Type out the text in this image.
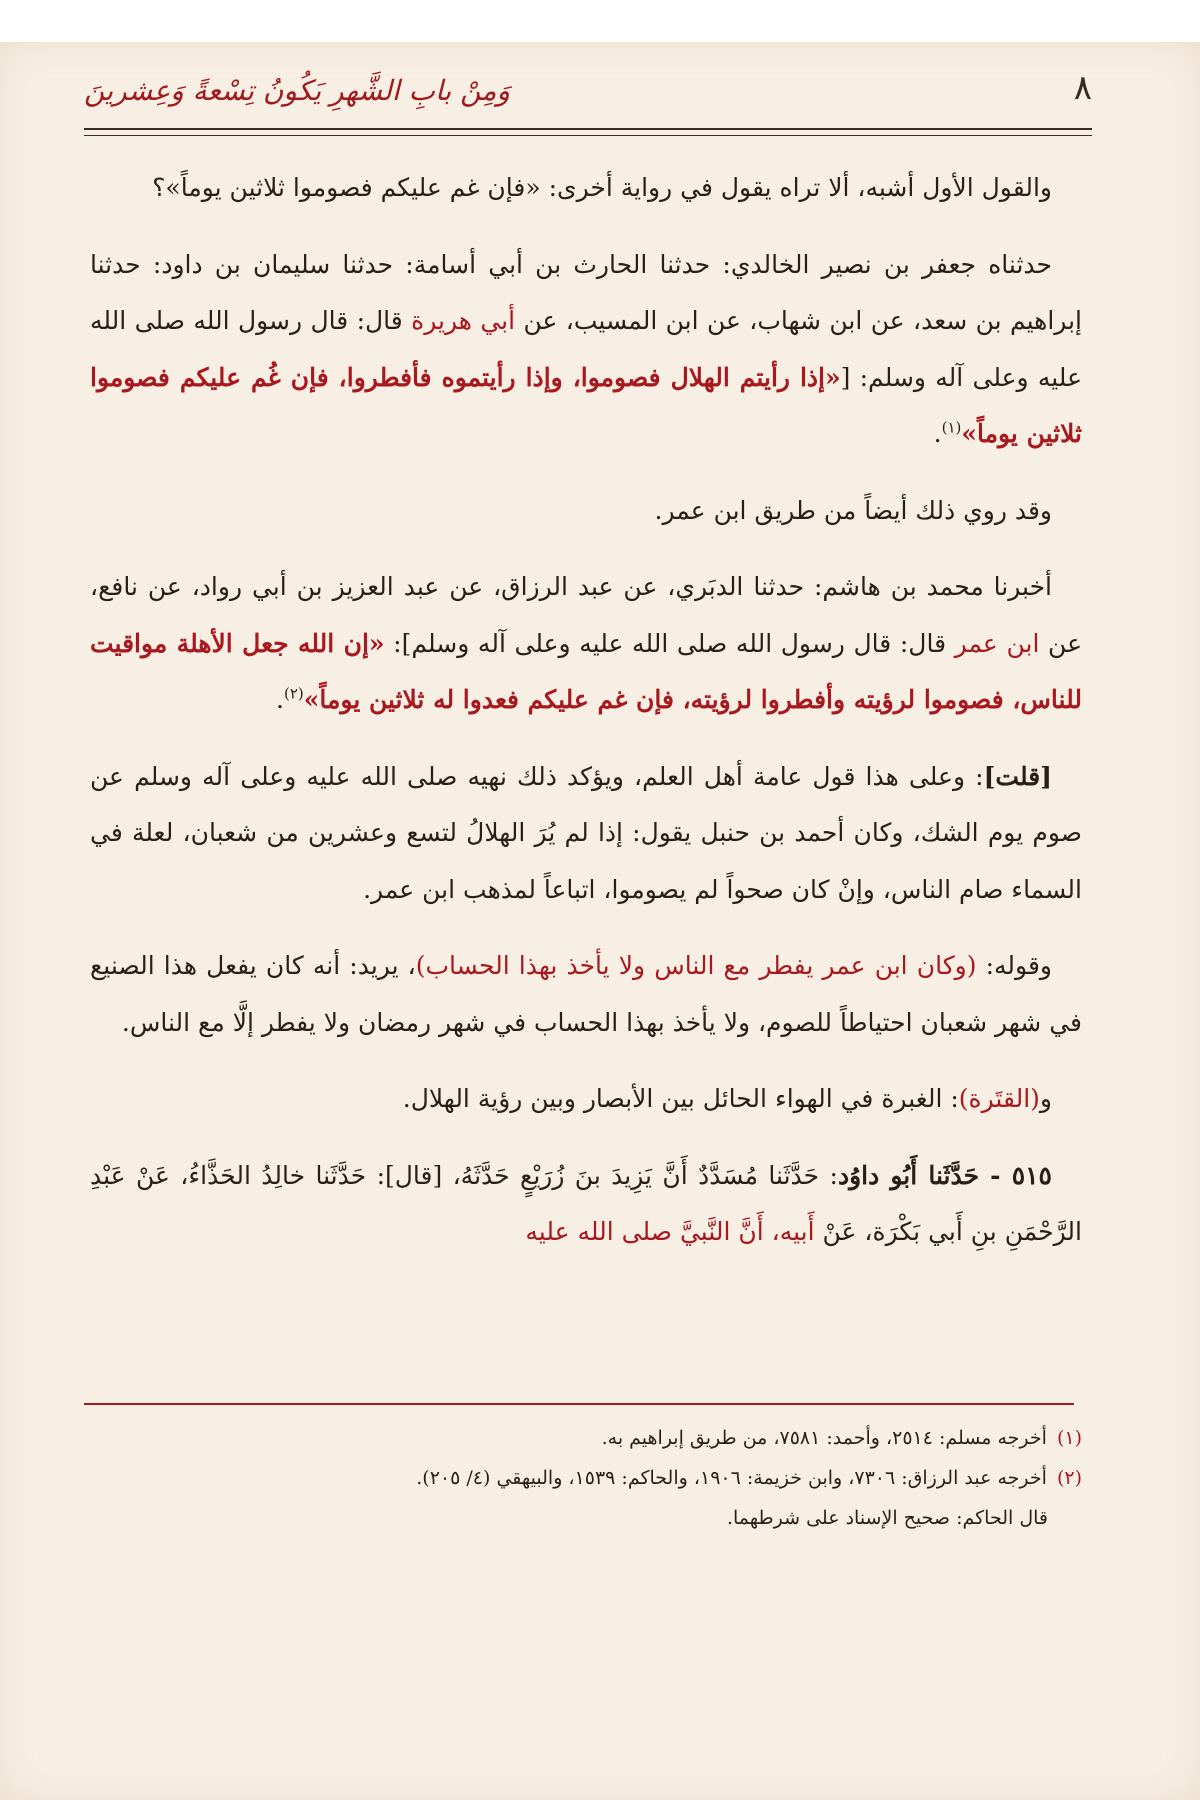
٨
وَمِنْ بابِ الشَّهرِ يَكُونُ تِسْعةً وَعِشرينَ

والقول الأول أشبه، ألا تراه يقول في رواية أخرى: «فإن غم عليكم فصوموا ثلاثين يوماً»؟

حدثناه جعفر بن نصير الخالدي: حدثنا الحارث بن أبي أسامة: حدثنا سليمان بن داود: حدثنا إبراهيم بن سعد، عن ابن شهاب، عن ابن المسيب، عن أبي هريرة قال: قال رسول الله صلى الله عليه وعلى آله وسلم: [«إذا رأيتم الهلال فصوموا، وإذا رأيتموه فأفطروا، فإن غُم عليكم فصوموا ثلاثين يوماً»$^{(١)}$.

وقد روي ذلك أيضاً من طريق ابن عمر.

أخبرنا محمد بن هاشم: حدثنا الدبَري، عن عبد الرزاق، عن عبد العزيز بن أبي رواد، عن نافع، عن ابن عمر قال: قال رسول الله صلى الله عليه وعلى آله وسلم]: «إن الله جعل الأهلة مواقيت للناس، فصوموا لرؤيته وأفطروا لرؤيته، فإن غم عليكم فعدوا له ثلاثين يوماً»$^{(٢)}$.

[قلت]: وعلى هذا قول عامة أهل العلم، ويؤكد ذلك نهيه صلى الله عليه وعلى آله وسلم عن صوم يوم الشك، وكان أحمد بن حنبل يقول: إذا لم يُرَ الهلالُ لتسع وعشرين من شعبان، لعلة في السماء صام الناس، وإنْ كان صحواً لم يصوموا، اتباعاً لمذهب ابن عمر.

وقوله: (وكان ابن عمر يفطر مع الناس ولا يأخذ بهذا الحساب)، يريد: أنه كان يفعل هذا الصنيع في شهر شعبان احتياطاً للصوم، ولا يأخذ بهذا الحساب في شهر رمضان ولا يفطر إلَّا مع الناس.

و(القتَرة): الغبرة في الهواء الحائل بين الأبصار وبين رؤية الهلال.

٥١٥ - حَدَّثَنا أَبُو داوُد: حَدَّثَنا مُسَدَّدٌ أَنَّ يَزِيدَ بنَ زُرَيْعٍ حَدَّثَهُ، [قال]: حَدَّثَنا خالِدُ الحَذَّاءُ، عَنْ عَبْدِ الرَّحْمَنِ بنِ أَبي بَكْرَة، عَنْ أَبيه، أَنَّ النَّبيَّ صلى الله عليه

(١)أخرجه مسلم: ٢٥١٤، وأحمد: ٧٥٨١، من طريق إبراهيم به.
(٢)أخرجه عبد الرزاق: ٧٣٠٦، وابن خزيمة: ١٩٠٦، والحاكم: ١٥٣٩، والبيهقي (٤/ ٢٠٥).
قال الحاكم: صحيح الإسناد على شرطهما.
